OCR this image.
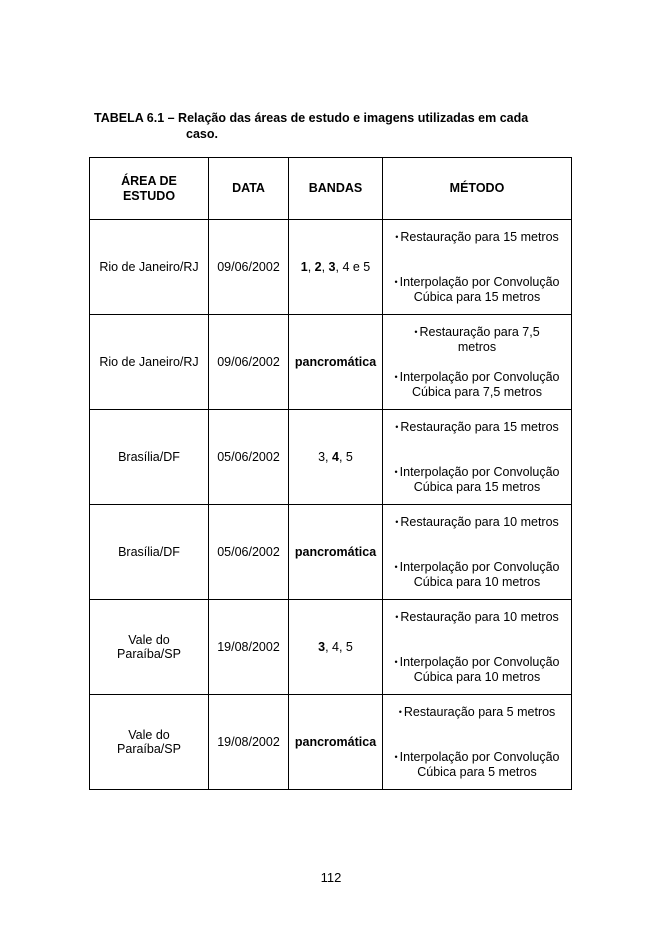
TABELA 6.1 – Relação das áreas de estudo e imagens utilizadas em cada
caso.
ÁREA DE
ESTUDO	DATA	BANDAS	MÉTODO
Rio de Janeiro/RJ	09/06/2002	1, 2, 3, 4 e 5	• Restauração para 15 metros
• Interpolação por Convolução
Cúbica para 15 metros

Rio de Janeiro/RJ	09/06/2002	pancromática	• Restauração para 7,5
metros
• Interpolação por Convolução
Cúbica para 7,5 metros

Brasília/DF	05/06/2002	3, 4, 5	• Restauração para 15 metros
• Interpolação por Convolução
Cúbica para 15 metros

Brasília/DF	05/06/2002	pancromática	• Restauração para 10 metros
• Interpolação por Convolução
Cúbica para 10 metros

Vale do
Paraíba/SP	19/08/2002	3, 4, 5	• Restauração para 10 metros
• Interpolação por Convolução
Cúbica para 10 metros

Vale do
Paraíba/SP	19/08/2002	pancromática	• Restauração para 5 metros
• Interpolação por Convolução
Cúbica para 5 metros
112
